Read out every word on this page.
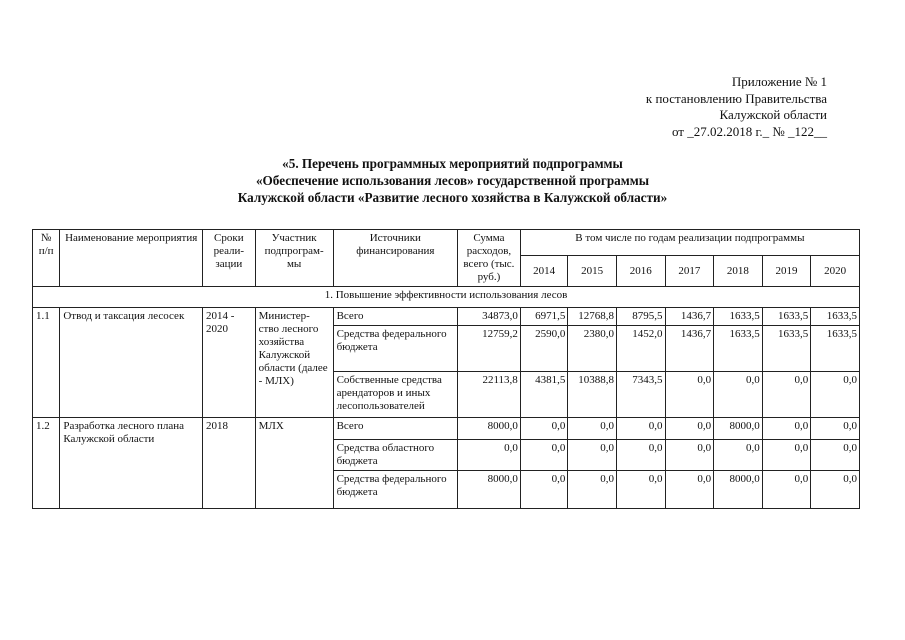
Приложение № 1
к постановлению Правительства
Калужской области
от _27.02.2018 г._ № _122__
«5. Перечень программных мероприятий подпрограммы
«Обеспечение использования лесов» государственной программы
Калужской области «Развитие лесного хозяйства в Калужской области»
№ п/п	Наименование мероприятия	Сроки реали-зации	Участник подпрограм-мы	Источники финансирования	Сумма расходов, всего (тыс. руб.)	В том числе по годам реализации подпрограммы						
						2014	2015	2016	2017	2018	2019	2020
1. Повышение эффективности использования лесов												
1.1	Отвод и таксация лесосек	2014 - 2020	Министер-ство лесного хозяйства Калужской области (далее - МЛХ)	Всего	34873,0	6971,5	12768,8	8795,5	1436,7	1633,5	1633,5	1633,5
				Средства федерального бюджета	12759,2	2590,0	2380,0	1452,0	1436,7	1633,5	1633,5	1633,5
				Собственные средства арендаторов и иных лесопользователей	22113,8	4381,5	10388,8	7343,5	0,0	0,0	0,0	0,0
1.2	Разработка лесного плана Калужской области	2018	МЛХ	Всего	8000,0	0,0	0,0	0,0	0,0	8000,0	0,0	0,0
				Средства областного бюджета	0,0	0,0	0,0	0,0	0,0	0,0	0,0	0,0
				Средства федерального бюджета	8000,0	0,0	0,0	0,0	0,0	8000,0	0,0	0,0
